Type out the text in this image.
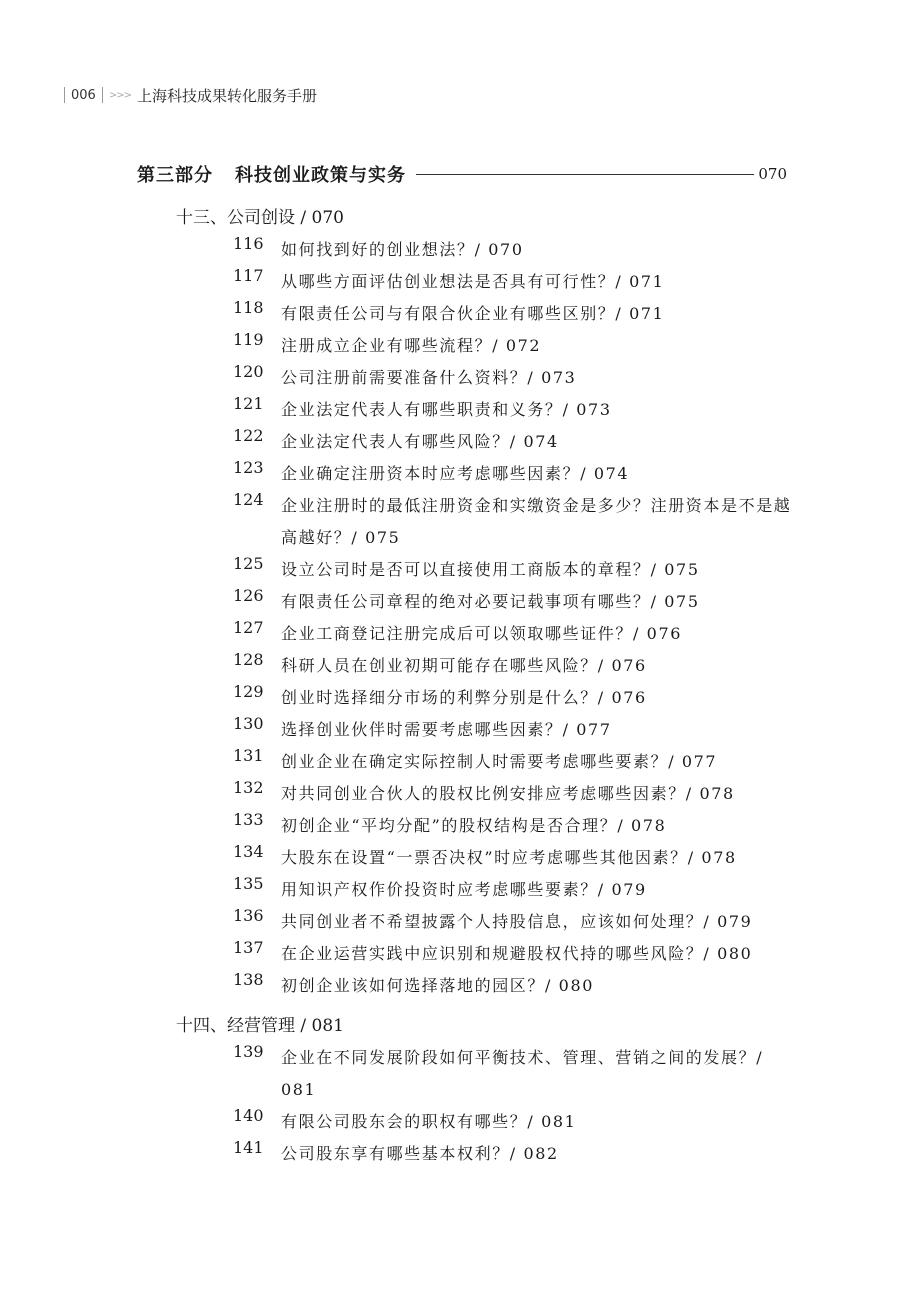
006 >>> 上海科技成果转化服务手册
第三部分 科技创业政策与实务	070
十三、公司创设 / 070
116	如何找到好的创业想法？/ 070
117	从哪些方面评估创业想法是否具有可行性？/ 071
118	有限责任公司与有限合伙企业有哪些区别？/ 071
119	注册成立企业有哪些流程？/ 072
120	公司注册前需要准备什么资料？/ 073
121	企业法定代表人有哪些职责和义务？/ 073
122	企业法定代表人有哪些风险？/ 074
123	企业确定注册资本时应考虑哪些因素？/ 074
124	企业注册时的最低注册资金和实缴资金是多少？注册资本是不是越高越好？/ 075
125	设立公司时是否可以直接使用工商版本的章程？/ 075
126	有限责任公司章程的绝对必要记载事项有哪些？/ 075
127	企业工商登记注册完成后可以领取哪些证件？/ 076
128	科研人员在创业初期可能存在哪些风险？/ 076
129	创业时选择细分市场的利弊分别是什么？/ 076
130	选择创业伙伴时需要考虑哪些因素？/ 077
131	创业企业在确定实际控制人时需要考虑哪些要素？/ 077
132	对共同创业合伙人的股权比例安排应考虑哪些因素？/ 078
133	初创企业“平均分配”的股权结构是否合理？/ 078
134	大股东在设置“一票否决权”时应考虑哪些其他因素？/ 078
135	用知识产权作价投资时应考虑哪些要素？/ 079
136	共同创业者不希望披露个人持股信息，应该如何处理？/ 079
137	在企业运营实践中应识别和规避股权代持的哪些风险？/ 080
138	初创企业该如何选择落地的园区？/ 080
十四、经营管理 / 081
139	企业在不同发展阶段如何平衡技术、管理、营销之间的发展？/ 081
140	有限公司股东会的职权有哪些？/ 081
141	公司股东享有哪些基本权利？/ 082
